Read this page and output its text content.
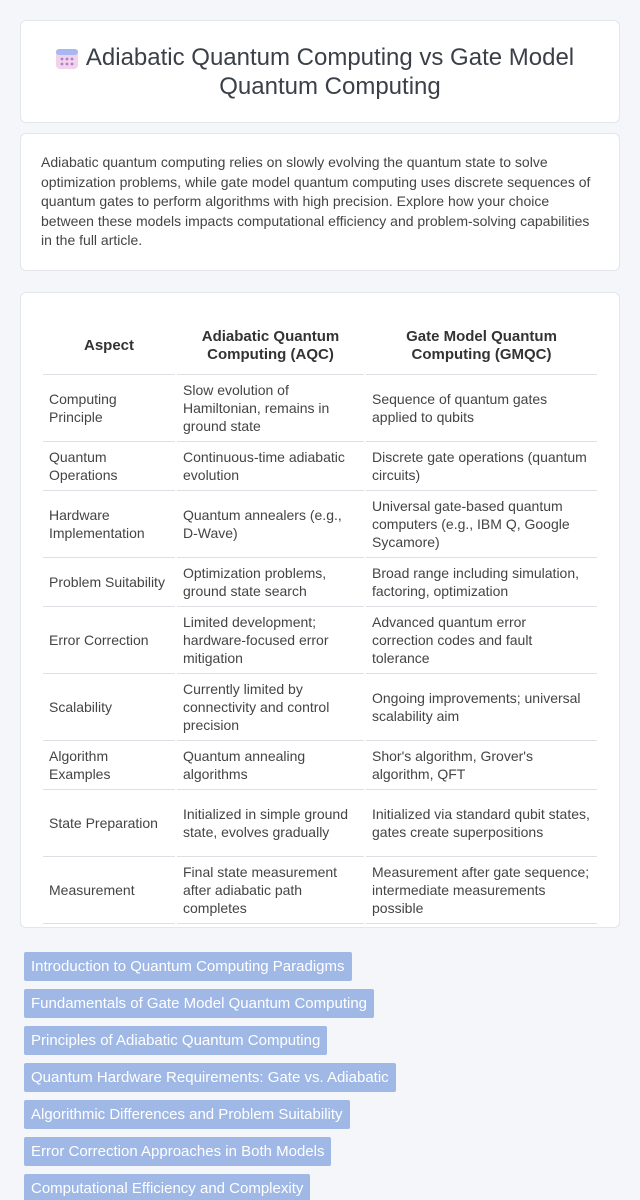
Adiabatic Quantum Computing vs Gate Model Quantum Computing

Adiabatic quantum computing relies on slowly evolving the quantum state to solve optimization problems, while gate model quantum computing uses discrete sequences of quantum gates to perform algorithms with high precision. Explore how your choice between these models impacts computational efficiency and problem-solving capabilities in the full article.

Aspect	Adiabatic Quantum Computing (AQC)	Gate Model Quantum Computing (GMQC)
Computing Principle	Slow evolution of Hamiltonian, remains in ground state	Sequence of quantum gates applied to qubits
Quantum Operations	Continuous-time adiabatic evolution	Discrete gate operations (quantum circuits)
Hardware Implementation	Quantum annealers (e.g., D-Wave)	Universal gate-based quantum computers (e.g., IBM Q, Google Sycamore)
Problem Suitability	Optimization problems, ground state search	Broad range including simulation, factoring, optimization
Error Correction	Limited development; hardware-focused error mitigation	Advanced quantum error correction codes and fault tolerance
Scalability	Currently limited by connectivity and control precision	Ongoing improvements; universal scalability aim
Algorithm Examples	Quantum annealing algorithms	Shor's algorithm, Grover's algorithm, QFT
State Preparation	Initialized in simple ground state, evolves gradually	Initialized via standard qubit states, gates create superpositions
Measurement	Final state measurement after adiabatic path completes	Measurement after gate sequence; intermediate measurements possible
Introduction to Quantum Computing Paradigms
Fundamentals of Gate Model Quantum Computing
Principles of Adiabatic Quantum Computing
Quantum Hardware Requirements: Gate vs. Adiabatic
Algorithmic Differences and Problem Suitability
Error Correction Approaches in Both Models
Computational Efficiency and Complexity
